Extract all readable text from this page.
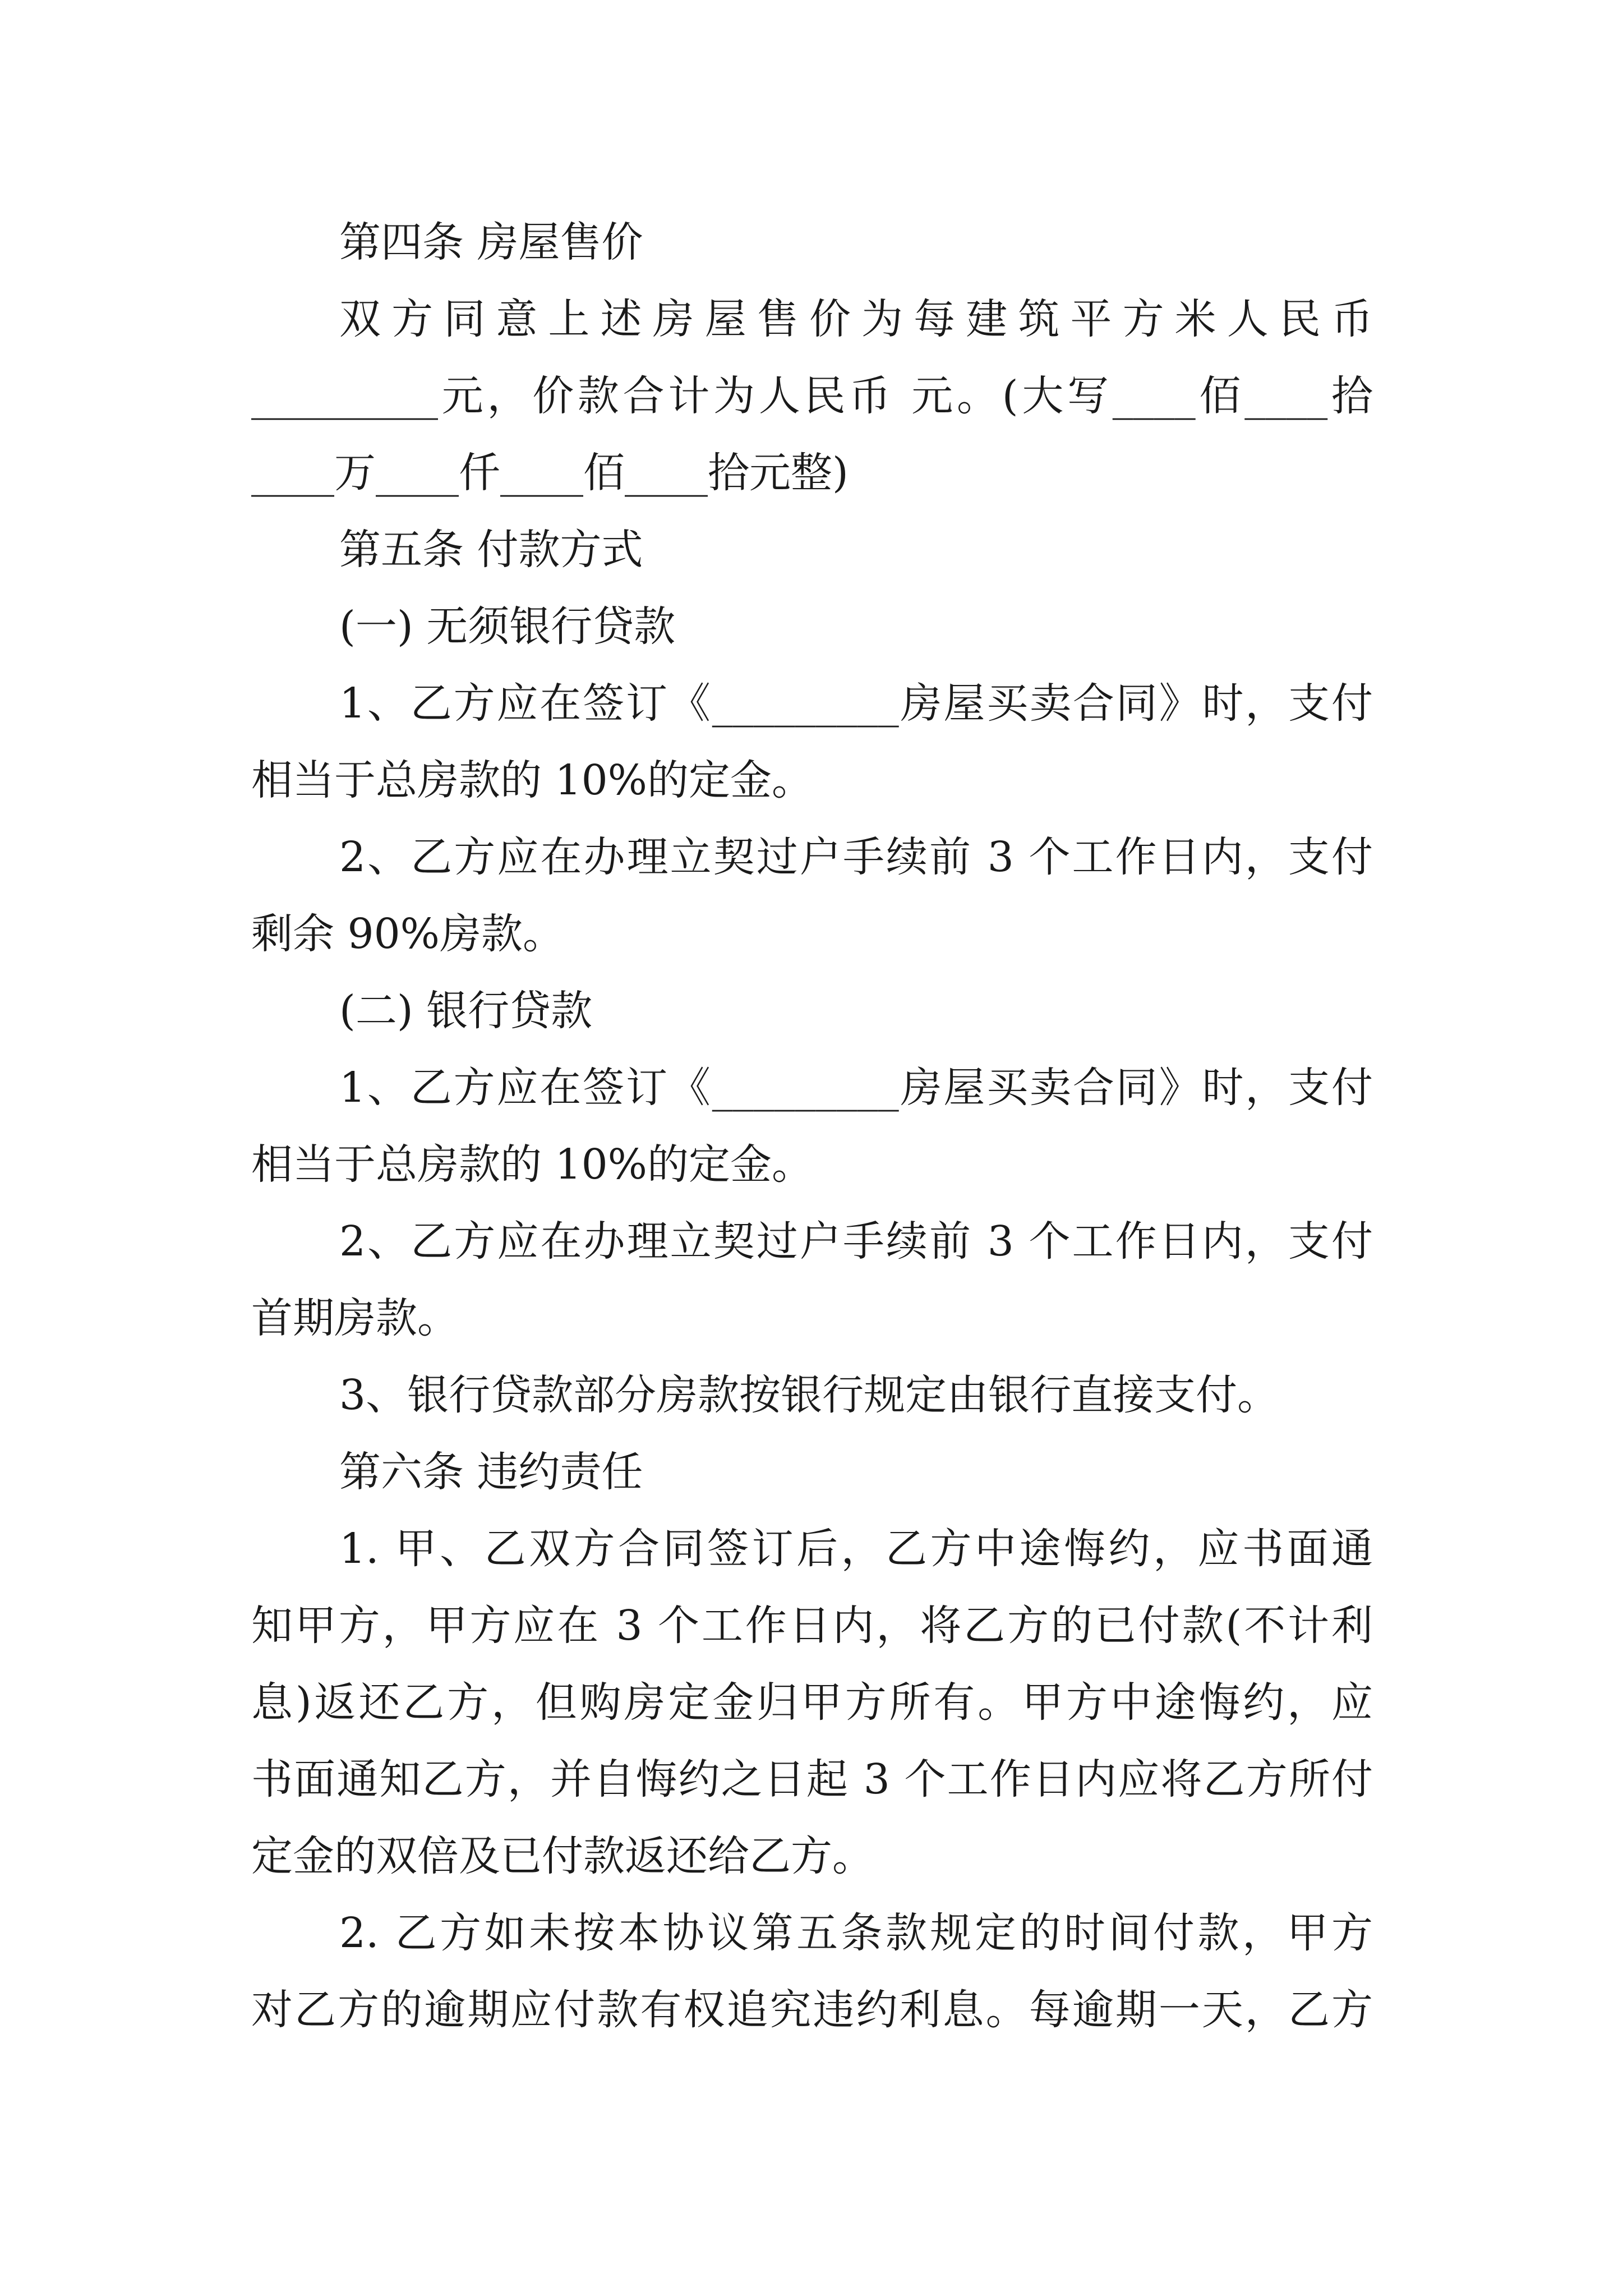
第四条 房屋售价
双方同意上述房屋售价为每建筑平方米人民币
_________元，价款合计为人民币 元。(大写____佰____拾
____万____仟____佰____拾元整)
第五条 付款方式
(一) 无须银行贷款
1、乙方应在签订《_________房屋买卖合同》时，支付
相当于总房款的 10%的定金。
2、乙方应在办理立契过户手续前 3 个工作日内，支付
剩余 90%房款。
(二) 银行贷款
1、乙方应在签订《_________房屋买卖合同》时，支付
相当于总房款的 10%的定金。
2、乙方应在办理立契过户手续前 3 个工作日内，支付
首期房款。
3、银行贷款部分房款按银行规定由银行直接支付。
第六条 违约责任
1. 甲、乙双方合同签订后，乙方中途悔约，应书面通
知甲方，甲方应在 3 个工作日内，将乙方的已付款(不计利
息)返还乙方，但购房定金归甲方所有。甲方中途悔约，应
书面通知乙方，并自悔约之日起 3 个工作日内应将乙方所付
定金的双倍及已付款返还给乙方。
2. 乙方如未按本协议第五条款规定的时间付款，甲方
对乙方的逾期应付款有权追究违约利息。每逾期一天，乙方
